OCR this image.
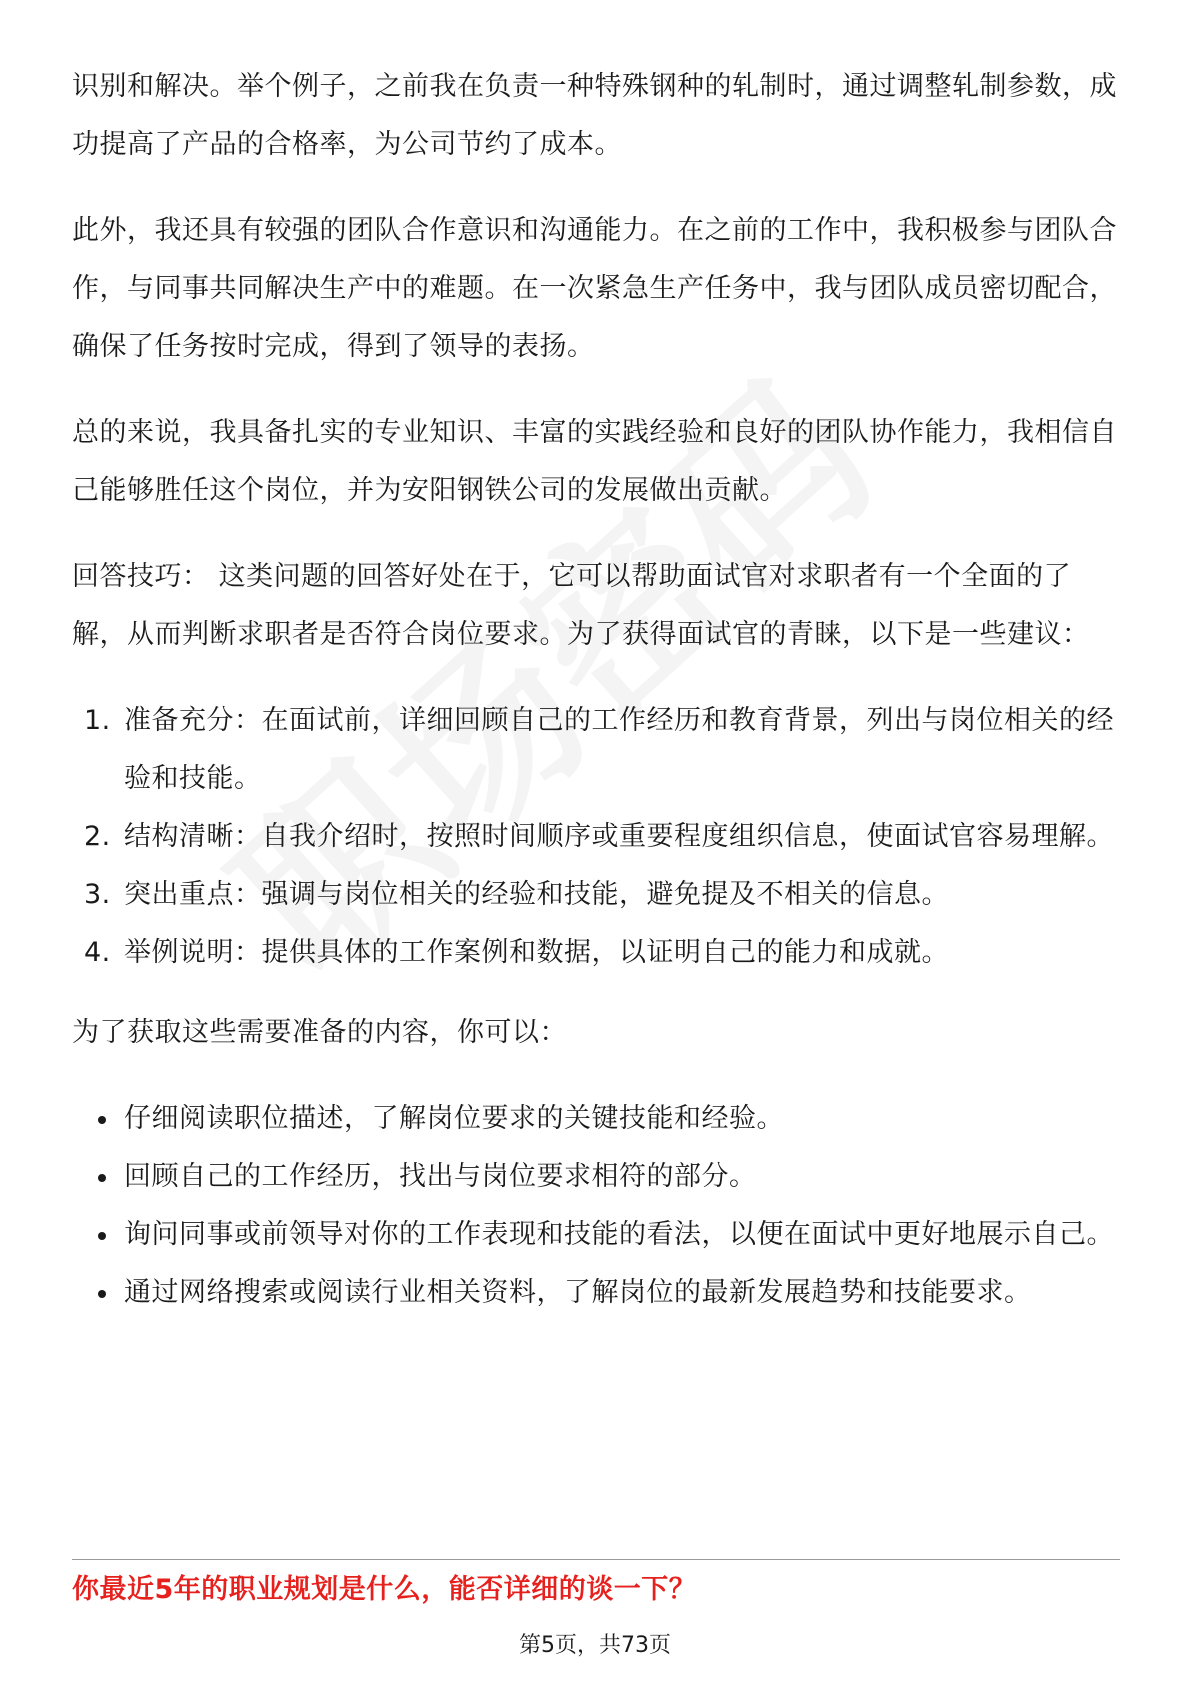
识别和解决。举个例子，之前我在负责一种特殊钢种的轧制时，通过调整轧制参数，成功提高了产品的合格率，为公司节约了成本。

此外，我还具有较强的团队合作意识和沟通能力。在之前的工作中，我积极参与团队合作，与同事共同解决生产中的难题。在一次紧急生产任务中，我与团队成员密切配合，确保了任务按时完成，得到了领导的表扬。

总的来说，我具备扎实的专业知识、丰富的实践经验和良好的团队协作能力，我相信自己能够胜任这个岗位，并为安阳钢铁公司的发展做出贡献。

回答技巧： 这类问题的回答好处在于，它可以帮助面试官对求职者有一个全面的了解，从而判断求职者是否符合岗位要求。为了获得面试官的青睐，以下是一些建议：

1. 准备充分：在面试前，详细回顾自己的工作经历和教育背景，列出与岗位相关的经验和技能。
2. 结构清晰：自我介绍时，按照时间顺序或重要程度组织信息，使面试官容易理解。
3. 突出重点：强调与岗位相关的经验和技能，避免提及不相关的信息。
4. 举例说明：提供具体的工作案例和数据，以证明自己的能力和成就。

为了获取这些需要准备的内容，你可以：

仔细阅读职位描述，了解岗位要求的关键技能和经验。
回顾自己的工作经历，找出与岗位要求相符的部分。
询问同事或前领导对你的工作表现和技能的看法，以便在面试中更好地展示自己。
通过网络搜索或阅读行业相关资料，了解岗位的最新发展趋势和技能要求。
你最近5年的职业规划是什么，能否详细的谈一下？
第5页，共73页
